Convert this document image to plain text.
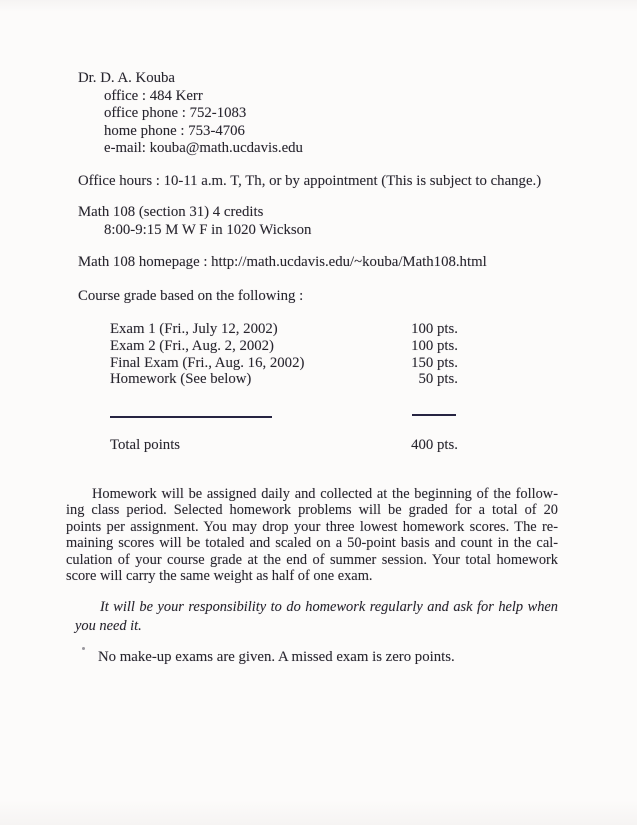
Dr. D. A. Kouba
office : 484 Kerr
office phone : 752-1083
home phone : 753-4706
e-mail: kouba@math.ucdavis.edu
Office hours : 10-11 a.m. T, Th, or by appointment (This is subject to change.)
Math 108 (section 31) 4 credits
8:00-9:15 M W F in 1020 Wickson
Math 108 homepage : http://math.ucdavis.edu/~kouba/Math108.html
Course grade based on the following :
Exam 1 (Fri., July 12, 2002)	100 pts.
Exam 2 (Fri., Aug. 2, 2002)	100 pts.
Final Exam (Fri., Aug. 16, 2002)	150 pts.
Homework (See below)	50 pts.
Total points	400 pts.
Homework will be assigned daily and collected at the beginning of the follow-
ing class period. Selected homework problems will be graded for a total of 20
points per assignment. You may drop your three lowest homework scores. The re-
maining scores will be totaled and scaled on a 50-point basis and count in the cal-
culation of your course grade at the end of summer session. Your total homework
score will carry the same weight as half of one exam.
It will be your responsibility to do homework regularly and ask for help when
you need it.
No make-up exams are given. A missed exam is zero points.
